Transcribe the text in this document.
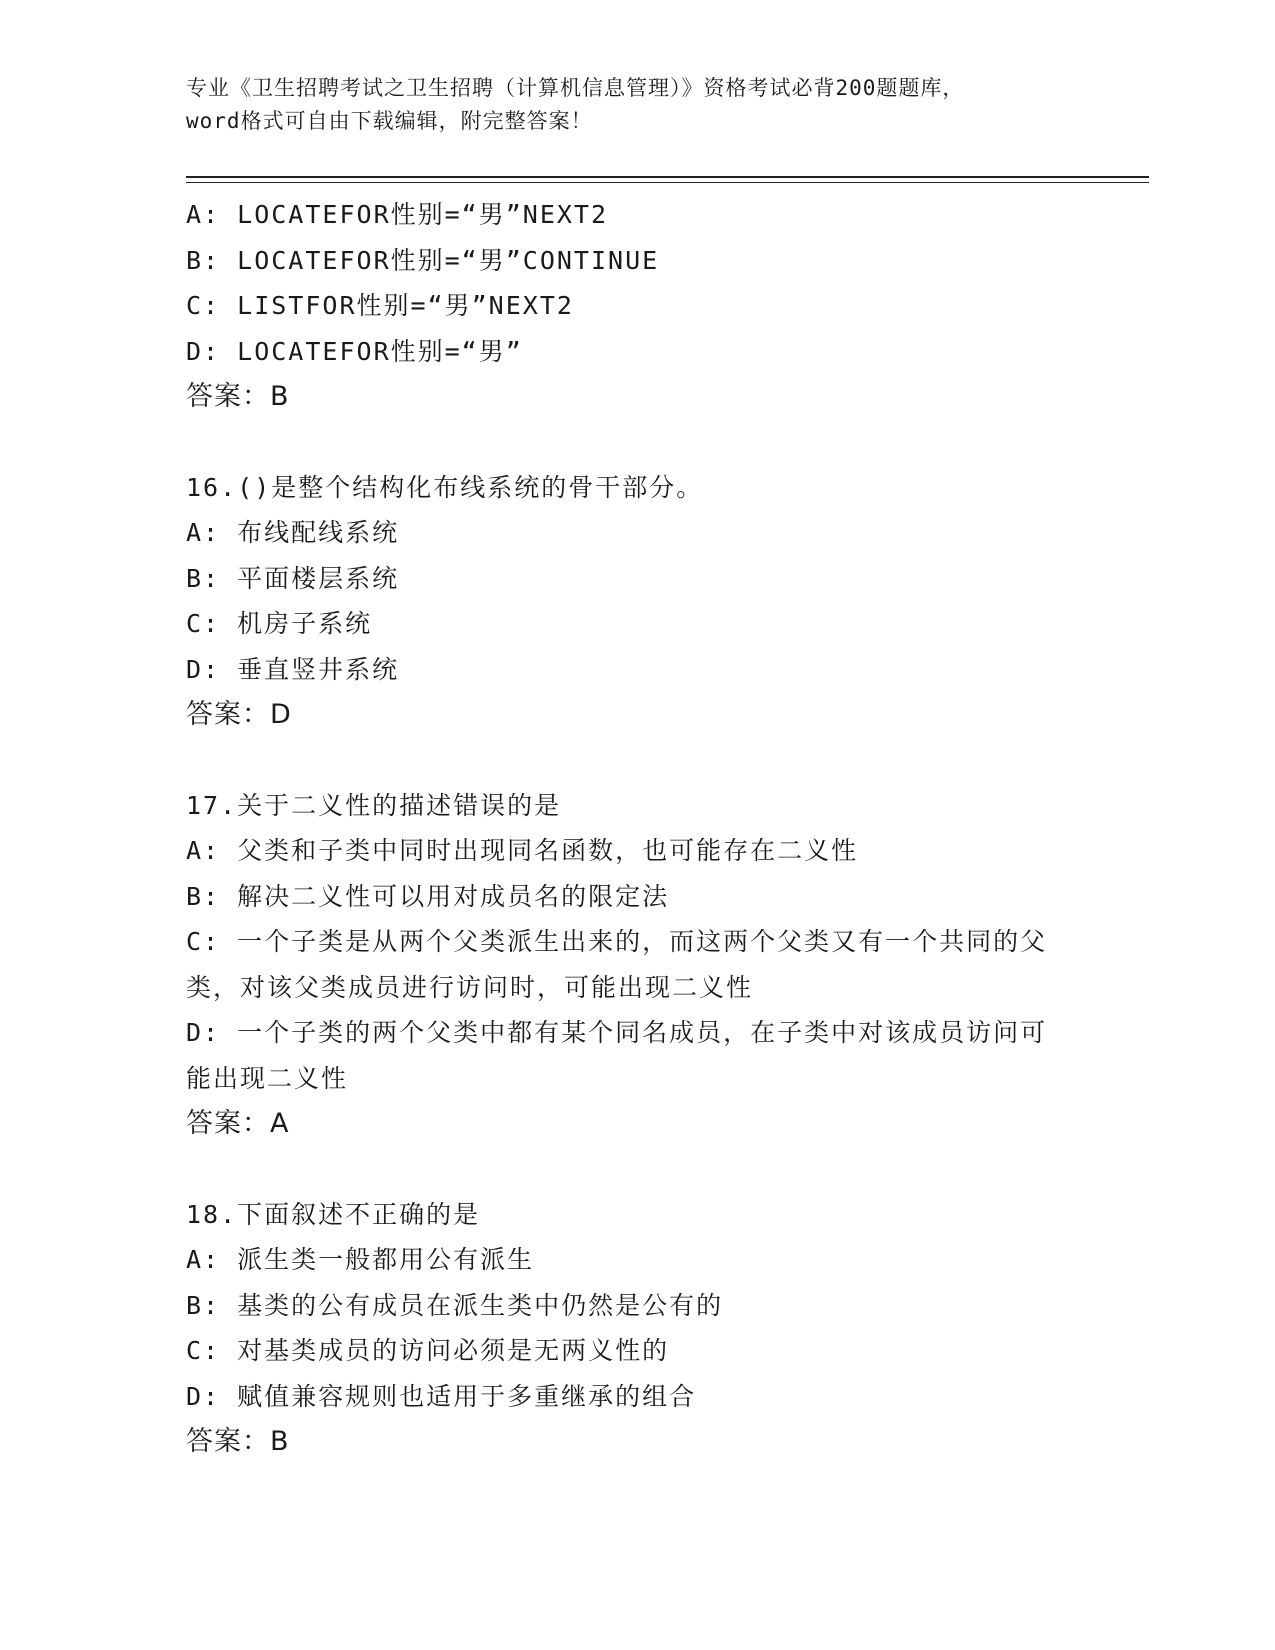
专业《卫生招聘考试之卫生招聘（计算机信息管理）》资格考试必背200题题库，
word格式可自由下载编辑，附完整答案！
A: LOCATEFOR性别=“男”NEXT2
B: LOCATEFOR性别=“男”CONTINUE
C: LISTFOR性别=“男”NEXT2
D: LOCATEFOR性别=“男”
答案：B
16.()是整个结构化布线系统的骨干部分。
A: 布线配线系统
B: 平面楼层系统
C: 机房子系统
D: 垂直竖井系统
答案：D
17.关于二义性的描述错误的是
A: 父类和子类中同时出现同名函数，也可能存在二义性
B: 解决二义性可以用对成员名的限定法
C: 一个子类是从两个父类派生出来的，而这两个父类又有一个共同的父类，对该父类成员进行访问时，可能出现二义性
D: 一个子类的两个父类中都有某个同名成员，在子类中对该成员访问可能出现二义性
答案：A
18.下面叙述不正确的是
A: 派生类一般都用公有派生
B: 基类的公有成员在派生类中仍然是公有的
C: 对基类成员的访问必须是无两义性的
D: 赋值兼容规则也适用于多重继承的组合
答案：B
